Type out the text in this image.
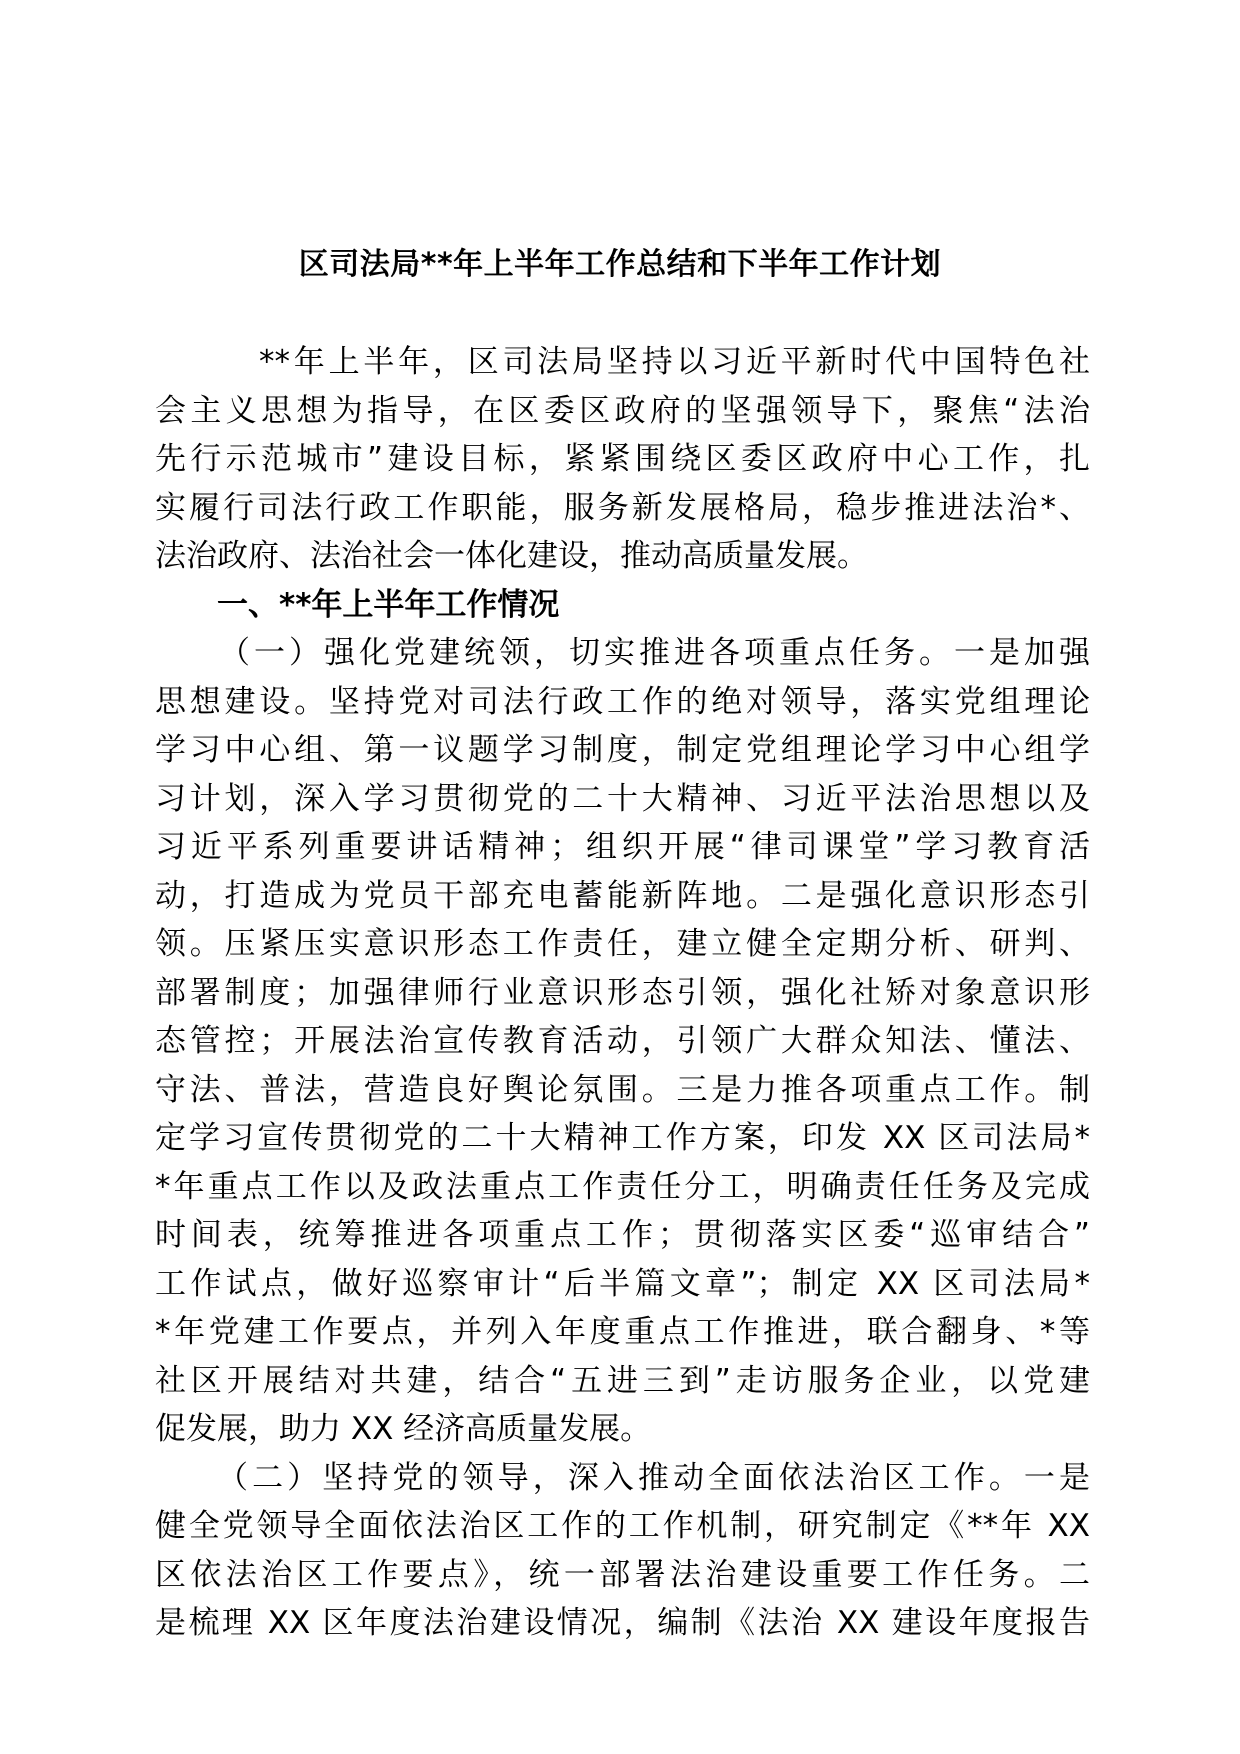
区司法局**年上半年工作总结和下半年工作计划
**年上半年，区司法局坚持以习近平新时代中国特色社
会主义思想为指导，在区委区政府的坚强领导下，聚焦“法治
先行示范城市”建设目标，紧紧围绕区委区政府中心工作，扎
实履行司法行政工作职能，服务新发展格局，稳步推进法治*、
法治政府、法治社会一体化建设，推动高质量发展。
一、**年上半年工作情况
（一）强化党建统领，切实推进各项重点任务。一是加强
思想建设。坚持党对司法行政工作的绝对领导，落实党组理论
学习中心组、第一议题学习制度，制定党组理论学习中心组学
习计划，深入学习贯彻党的二十大精神、习近平法治思想以及
习近平系列重要讲话精神；组织开展“律司课堂”学习教育活
动，打造成为党员干部充电蓄能新阵地。二是强化意识形态引
领。压紧压实意识形态工作责任，建立健全定期分析、研判、
部署制度；加强律师行业意识形态引领，强化社矫对象意识形
态管控；开展法治宣传教育活动，引领广大群众知法、懂法、
守法、普法，营造良好舆论氛围。三是力推各项重点工作。制
定学习宣传贯彻党的二十大精神工作方案，印发 XX 区司法局*
*年重点工作以及政法重点工作责任分工，明确责任任务及完成
时间表，统筹推进各项重点工作；贯彻落实区委“巡审结合”
工作试点，做好巡察审计“后半篇文章”；制定 XX 区司法局*
*年党建工作要点，并列入年度重点工作推进，联合翻身、*等
社区开展结对共建，结合“五进三到”走访服务企业，以党建
促发展，助力 XX 经济高质量发展。
（二）坚持党的领导，深入推动全面依法治区工作。一是
健全党领导全面依法治区工作的工作机制，研究制定《**年 XX
区依法治区工作要点》，统一部署法治建设重要工作任务。二
是梳理 XX 区年度法治建设情况，编制《法治 XX 建设年度报告
